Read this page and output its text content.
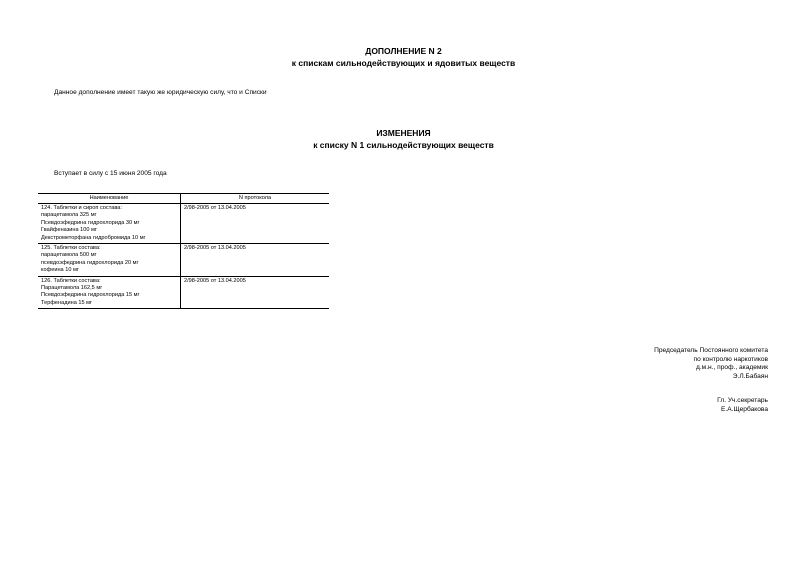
ДОПОЛНЕНИЕ N 2
к спискам сильнодействующих и ядовитых веществ
Данное дополнение имеет такую же юридическую силу, что и Списки
ИЗМЕНЕНИЯ
к списку N 1 сильнодействующих веществ
Вступает в силу с 15 июня 2005 года
Наименование	N протокола

124. Таблетки и сироп состава:
парацетамола 325 мг
Псевдоэфедрина гидрохлорида 30 мг
Гвайфеназина 100 мг
Декстрометорфана гидробромида 10 мг	2/98-2005 от 13.04.2005

125. Таблетки состава:
парацетамола 500 мг
псевдоэфедрина гидрохлорида 20 мг
кофеина 10 мг	2/98-2005 от 13.04.2005

126. Таблетки состава:
Парацетамола 162,5 мг
Псевдоэфедрина гидрохлорида 15 мг
Терфенадина 15 мг	2/98-2005 от 13.04.2005
Председатель Постоянного комитета
по контролю наркотиков
д.м.н., проф., академик
Э.Л.Бабаян
Гл. Уч.секретарь
Е.А.Щербакова
